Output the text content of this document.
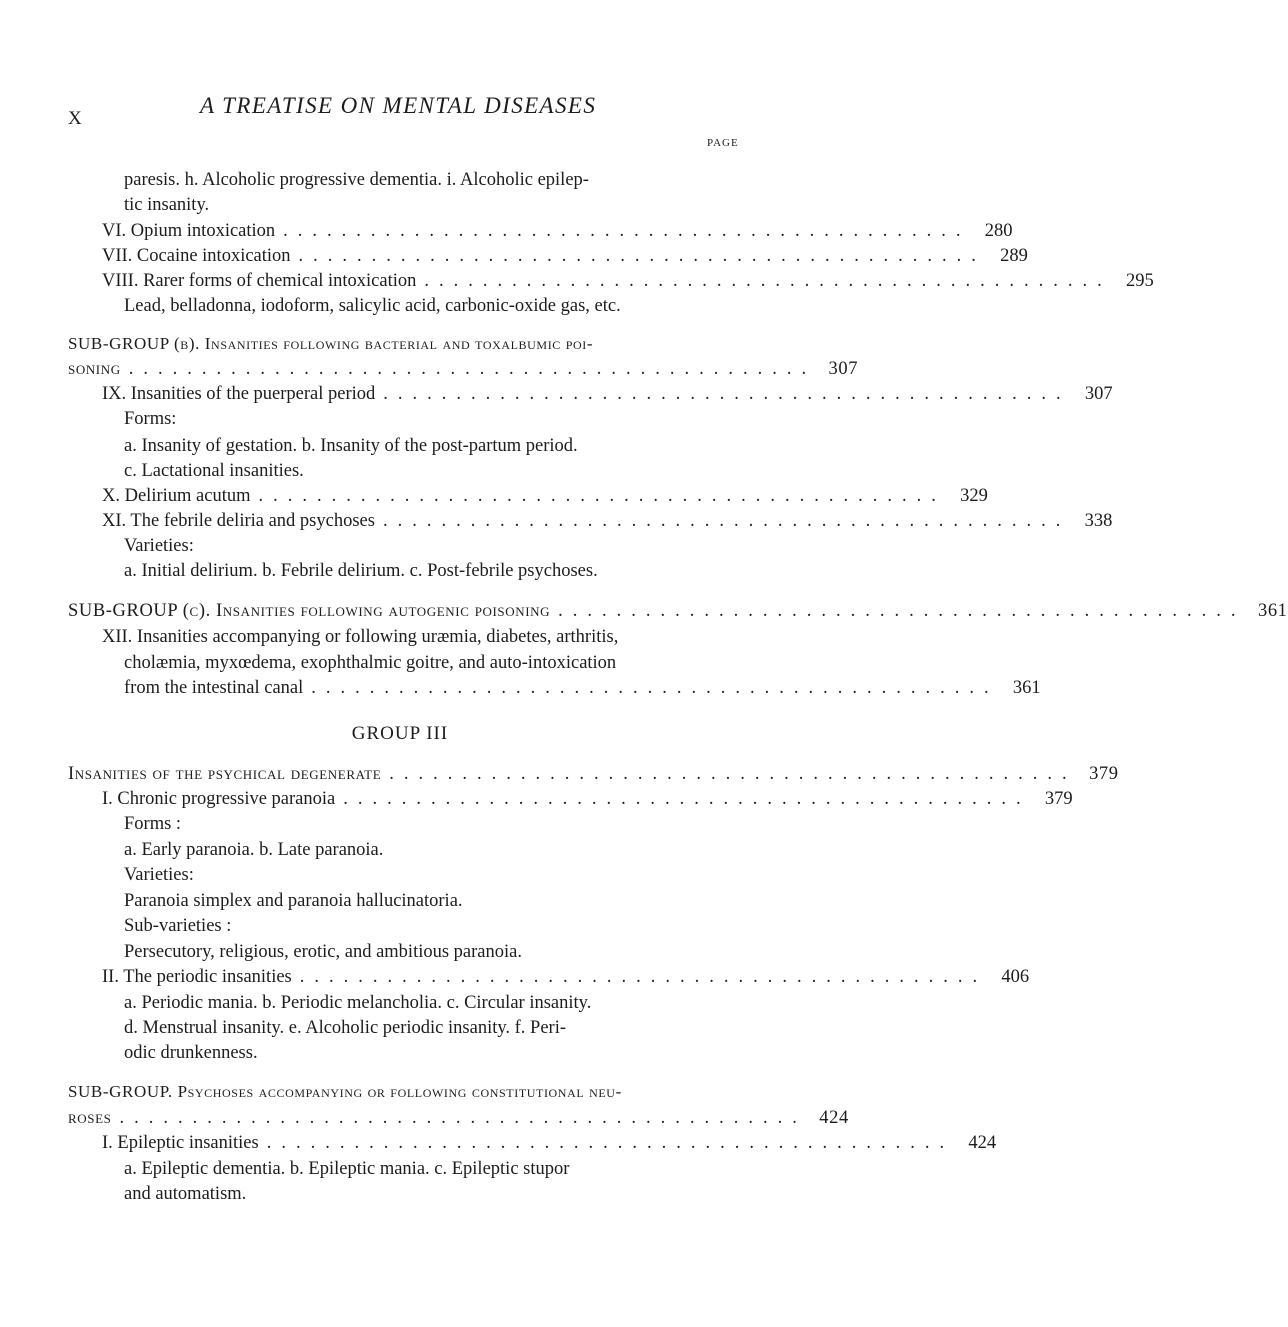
X
A TREATISE ON MENTAL DISEASES
PAGE
paresis. h. Alcoholic progressive dementia. i. Alcoholic epilep-
tic insanity.
VI. Opium intoxication ............................................... 280
VII. Cocaine intoxication ............................................... 289
VIII. Rarer forms of chemical intoxication ............................................... 295
Lead, belladonna, iodoform, salicylic acid, carbonic-oxide gas, etc.
SUB-GROUP (b). Insanities following bacterial and toxalbumic poi-
soning ............................................... 307
IX. Insanities of the puerperal period ............................................... 307
Forms:
a. Insanity of gestation. b. Insanity of the post-partum period.
c. Lactational insanities.
X. Delirium acutum ............................................... 329
XI. The febrile deliria and psychoses ............................................... 338
Varieties:
a. Initial delirium. b. Febrile delirium. c. Post-febrile psychoses.
SUB-GROUP (c). Insanities following autogenic poisoning ............................................... 361
XII. Insanities accompanying or following uræmia, diabetes, arthritis,
cholæmia, myxœdema, exophthalmic goitre, and auto-intoxication
from the intestinal canal ............................................... 361
GROUP III
Insanities of the psychical degenerate ............................................... 379
I. Chronic progressive paranoia ............................................... 379
Forms :
a. Early paranoia. b. Late paranoia.
Varieties:
Paranoia simplex and paranoia hallucinatoria.
Sub-varieties :
Persecutory, religious, erotic, and ambitious paranoia.
II. The periodic insanities ............................................... 406
a. Periodic mania. b. Periodic melancholia. c. Circular insanity.
d. Menstrual insanity. e. Alcoholic periodic insanity. f. Peri-
odic drunkenness.
SUB-GROUP. Psychoses accompanying or following constitutional neu-
roses ............................................... 424
I. Epileptic insanities ............................................... 424
a. Epileptic dementia. b. Epileptic mania. c. Epileptic stupor
and automatism.
